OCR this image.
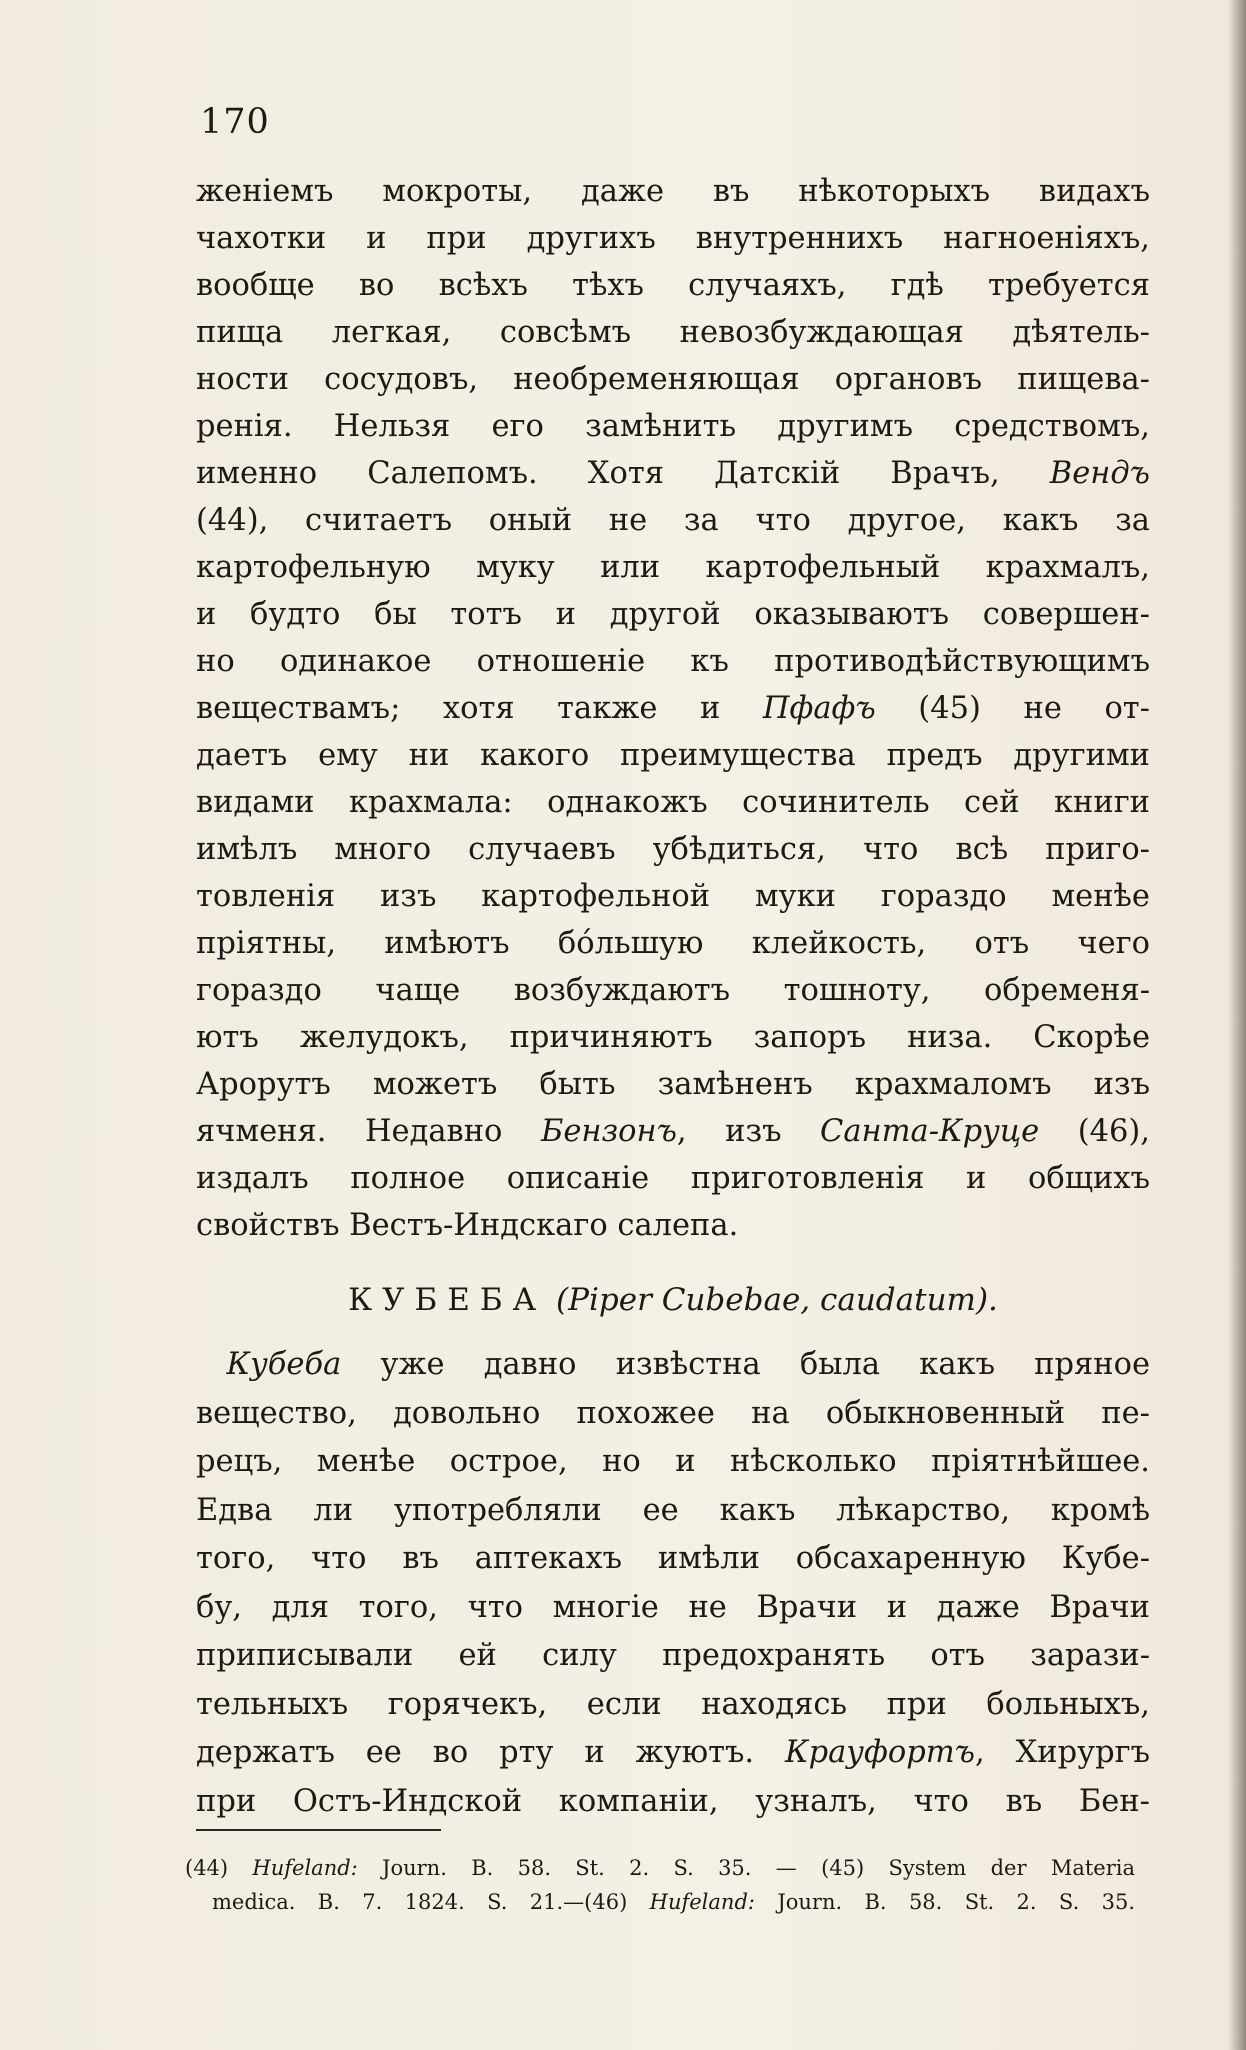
170
женіемъ мокроты, даже въ нѣкоторыхъ видахъ
чахотки и при другихъ внутреннихъ нагноеніяхъ,
вообще во всѣхъ тѣхъ случаяхъ, гдѣ требуется
пища легкая, совсѣмъ невозбуждающая дѣятель-
ности сосудовъ, необременяющая органовъ пищева-
ренія. Нельзя его замѣнить другимъ средствомъ,
именно Салепомъ. Хотя Датскій Врачъ, Вендъ
(44), считаетъ оный не за что другое, какъ за
картофельную муку или картофельный крахмалъ,
и будто бы тотъ и другой оказываютъ совершен-
но одинакое отношеніе къ противодѣйствующимъ
веществамъ; хотя также и Пфафъ (45) не от-
даетъ ему ни какого преимущества предъ другими
видами крахмала: однакожъ сочинитель сей книги
имѣлъ много случаевъ убѣдиться, что всѣ приго-
товленія изъ картофельной муки гораздо менѣе
пріятны, имѣютъ бо́льшую клейкость, отъ чего
гораздо чаще возбуждаютъ тошноту, обременя-
ютъ желудокъ, причиняютъ запоръ низа. Скорѣе
Арорутъ можетъ быть замѣненъ крахмаломъ изъ
ячменя. Недавно Бензонъ, изъ Санта-Круце (46),
издалъ полное описаніе приготовленія и общихъ
свойствъ Вестъ-Индскаго салепа.
КУБЕБА (Piper Cubebae, caudatum).
 Кубеба уже давно извѣстна была какъ пряное
вещество, довольно похожее на обыкновенный пе-
рецъ, менѣе острое, но и нѣсколько пріятнѣйшее.
Едва ли употребляли ее какъ лѣкарство, кромѣ
того, что въ аптекахъ имѣли обсахаренную Кубе-
бу, для того, что многіе не Врачи и даже Врачи
приписывали ей силу предохранять отъ зарази-
тельныхъ горячекъ, если находясь при больныхъ,
держатъ ее во рту и жуютъ. Крауфортъ, Хирургъ
при Остъ-Индской компаніи, узналъ, что въ Бен-
(44) Hufeland: Journ. B. 58. St. 2. S. 35. — (45) System der Materia
medica. B. 7. 1824. S. 21.—(46) Hufeland: Journ. B. 58. St. 2. S. 35.
